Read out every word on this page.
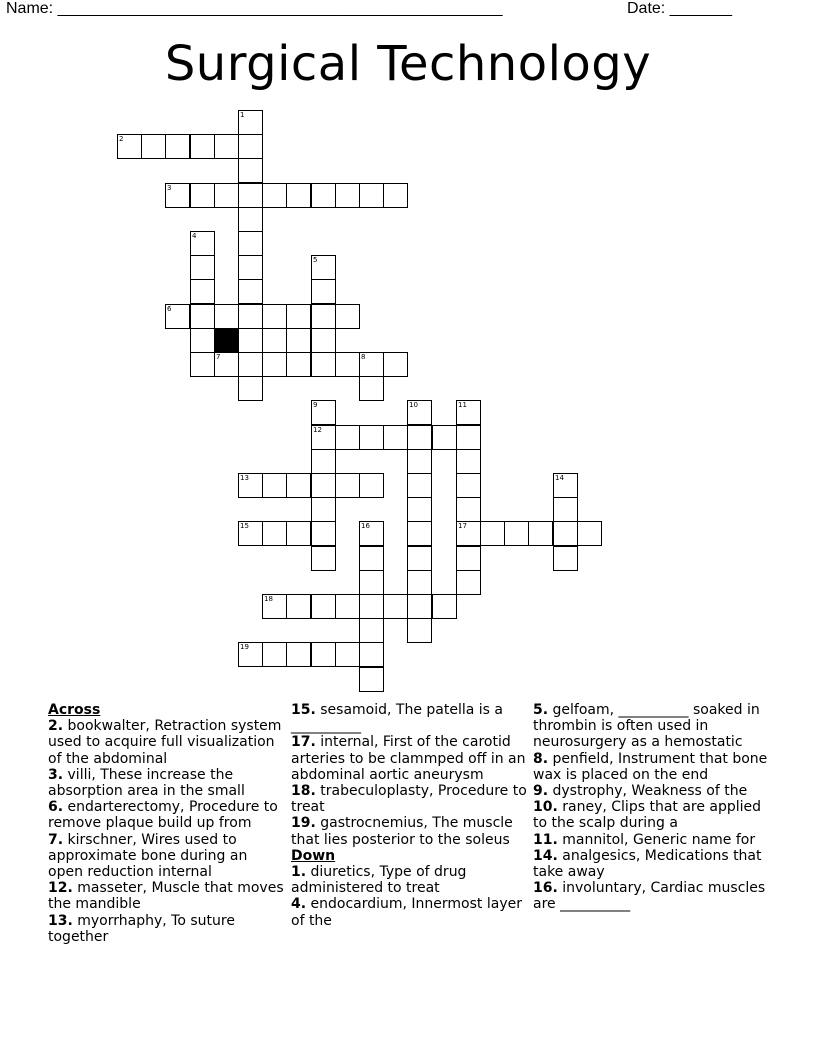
Name: __________________________________________________	Date: _______
Surgical Technology
1
2
3
4
5
6
7	8
9
12
10	11
17
13	14
15	16
18
19

Across

2. bookwalter, Retraction system used to acquire full visualization of the abdominal

3. villi, These increase the absorption area in the small

6. endarterectomy, Procedure to remove plaque build up from

7. kirschner, Wires used to approximate bone during an open reduction internal

12. masseter, Muscle that moves the mandible

13. myorrhaphy, To suture together

15. sesamoid, The patella is a __________

17. internal, First of the carotid arteries to be clammped off in an abdominal aortic aneurysm

18. trabeculoplasty, Procedure to treat

19. gastrocnemius, The muscle that lies posterior to the soleus

Down

1. diuretics, Type of drug administered to treat

4. endocardium, Innermost layer of the

5. gelfoam, __________ soaked in thrombin is often used in neurosurgery as a hemostatic

8. penfield, Instrument that bone wax is placed on the end

9. dystrophy, Weakness of the

10. raney, Clips that are applied to the scalp during a

11. mannitol, Generic name for

14. analgesics, Medications that take away

16. involuntary, Cardiac muscles are __________
